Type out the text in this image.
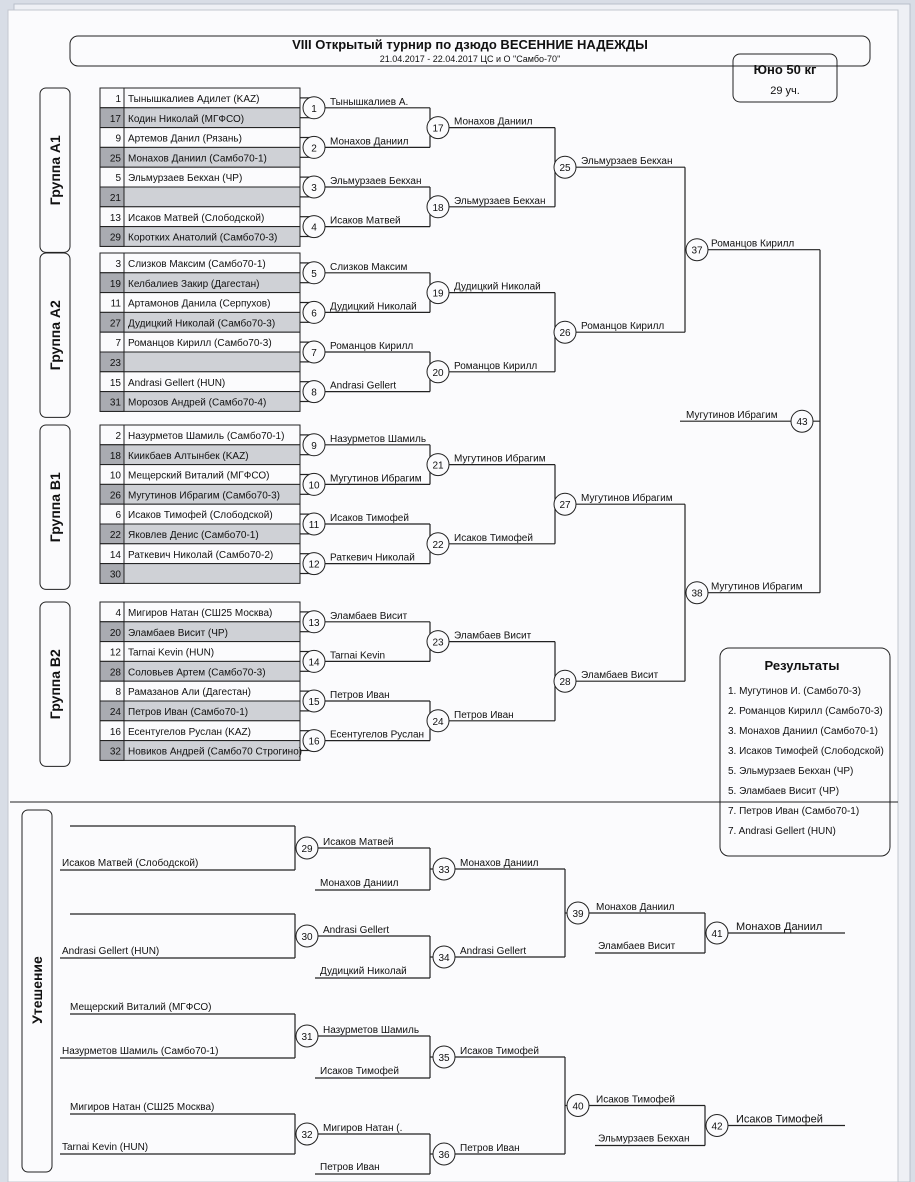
VIII Открытый турнир по дзюдо ВЕСЕННИЕ НАДЕЖДЫ
21.04.2017 - 22.04.2017 ЦС и О "Самбо-70"
Юно 50 кг
29 уч.
Группа А1
1 Тынышкалиев Адилет (KAZ)
17 Кодин Николай (МГФСО)
9 Артемов Данил (Рязань)
25 Монахов Даниил (Самбо70-1)
5 Эльмурзаев Бекхан (ЧР)
21
13 Исаков Матвей (Слободской)
29 Коротких Анатолий (Самбо70-3)
Группа А2
3 Слизков Максим (Самбо70-1)
19 Келбалиев Закир (Дагестан)
11 Артамонов Данила (Серпухов)
27 Дудицкий Николай (Самбо70-3)
7 Романцов Кирилл (Самбо70-3)
23
15 Andrasi Gellert (HUN)
31 Морозов Андрей (Самбо70-4)
Группа В1
2 Назурметов Шамиль (Самбо70-1)
18 Киикбаев Алтынбек (KAZ)
10 Мещерский Виталий (МГФСО)
26 Мугутинов Ибрагим (Самбо70-3)
6 Исаков Тимофей (Слободской)
22 Яковлев Денис (Самбо70-1)
14 Раткевич Николай (Самбо70-2)
30
Группа В2
4 Мигиров Натан (СШ25 Москва)
20 Эламбаев Висит (ЧР)
12 Tarnai Kevin (HUN)
28 Соловьев Артем (Самбо70-3)
8 Рамазанов Али (Дагестан)
24 Петров Иван (Самбо70-1)
16 Есентугелов Руслан (KAZ)
32 Новиков Андрей (Самбо70 Строгино)
1
Тынышкалиев А.
2
Монахов Даниил
3
Эльмурзаев Бекхан
4
Исаков Матвей
5
Слизков Максим
6
Дудицкий Николай
7
Романцов Кирилл
8
Andrasi Gellert
9
Назурметов Шамиль
10
Мугутинов Ибрагим
11
Исаков Тимофей
12
Раткевич Николай
13
Эламбаев Висит
14
Tarnai Kevin
15
Петров Иван
16
Есентугелов Руслан
17
Монахов Даниил
18
Эльмурзаев Бекхан
19
Дудицкий Николай
20
Романцов Кирилл
21
Мугутинов Ибрагим
22
Исаков Тимофей
23
Эламбаев Висит
24
Петров Иван
25
Эльмурзаев Бекхан
26
Романцов Кирилл
27
Мугутинов Ибрагим
28
Эламбаев Висит
37
Романцов Кирилл
38
Мугутинов Ибрагим
43
Мугутинов Ибрагим
29
Исаков Матвей (Слободской)
Исаков Матвей
Монахов Даниил
33
Монахов Даниил
30
Andrasi Gellert (HUN)
Andrasi Gellert
Дудицкий Николай
34
Andrasi Gellert
31
Мещерский Виталий (МГФСО)
Назурметов Шамиль (Самбо70-1)
Назурметов Шамиль
Исаков Тимофей
35
Исаков Тимофей
32
Мигиров Натан (СШ25 Москва)
Tarnai Kevin (HUN)
Мигиров Натан (.
Петров Иван
36
Петров Иван
39
Монахов Даниил
Эламбаев Висит
41
Монахов Даниил
40
Исаков Тимофей
Эльмурзаев Бекхан
42
Исаков Тимофей
Результаты
1. Мугутинов И. (Самбо70-3)
2. Романцов Кирилл (Самбо70-3)
3. Монахов Даниил (Самбо70-1)
3. Исаков Тимофей (Слободской)
5. Эльмурзаев Бекхан (ЧР)
5. Эламбаев Висит (ЧР)
7. Петров Иван (Самбо70-1)
7. Andrasi Gellert (HUN)
Утешение
